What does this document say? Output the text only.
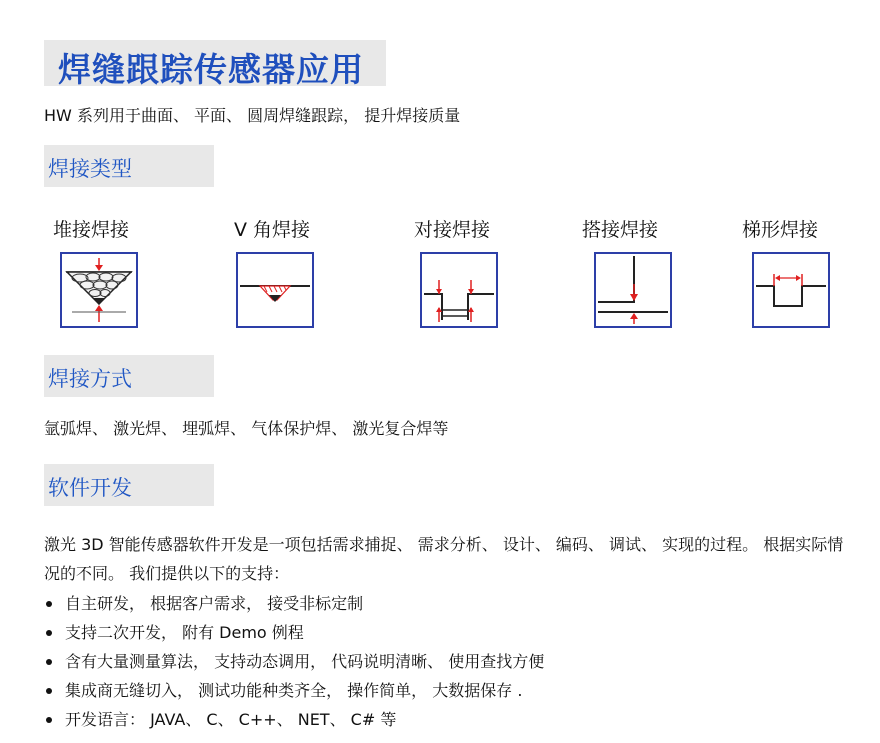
焊缝跟踪传感器应用
HW 系列用于曲面、 平面、 圆周焊缝跟踪， 提升焊接质量
焊接类型
堆接焊接	V 角焊接	对接焊接	搭接焊接	梯形焊接
焊接方式
氩弧焊、 激光焊、 埋弧焊、 气体保护焊、 激光复合焊等
软件开发

激光 3D 智能传感器软件开发是一项包括需求捕捉、 需求分析、 设计、 编码、 调试、 实现的过程。 根据实际情况的不同。 我们提供以下的支持：

自主研发， 根据客户需求， 接受非标定制
支持二次开发， 附有 Demo 例程
含有大量测量算法， 支持动态调用， 代码说明清晰、 使用查找方便
集成商无缝切入， 测试功能种类齐全， 操作简单， 大数据保存 .
开发语言： JAVA、 C、 C++、 NET、 C# 等
